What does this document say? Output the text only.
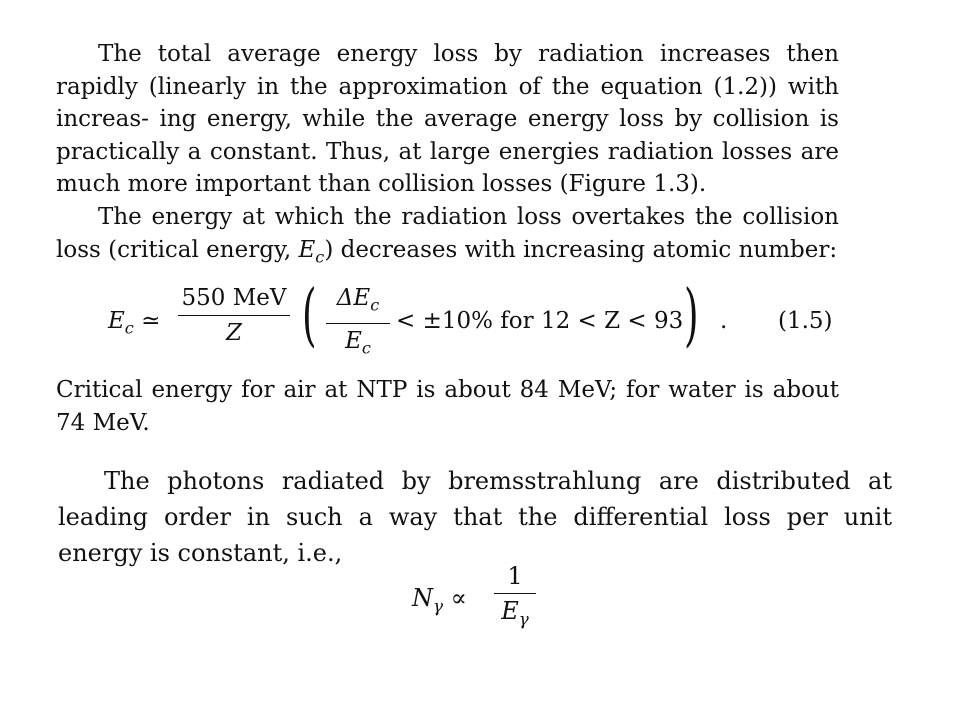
The total average energy loss by radiation increases then rapidly (linearly in the approximation of the equation (1.2)) with increas- ing energy, while the average energy loss by collision is practically a constant. Thus, at large energies radiation losses are much more important than collision losses (Figure 1.3).

The energy at which the radiation loss overtakes the collision loss (critical energy, $E_c$) decreases with increasing atomic number:

$E_c$ ≃
550 MeV
Z ( $\Delta E_c$
$E_c$
< ±10% for 12 < Z < 93 ) . (1.5)

Critical energy for air at NTP is about 84 MeV; for water is about 74 MeV.

The photons radiated by bremsstrahlung are distributed at leading order in such a way that the differential loss per unit energy is constant, i.e.,

$N_\gamma$ ∝
1
$E_\gamma$
